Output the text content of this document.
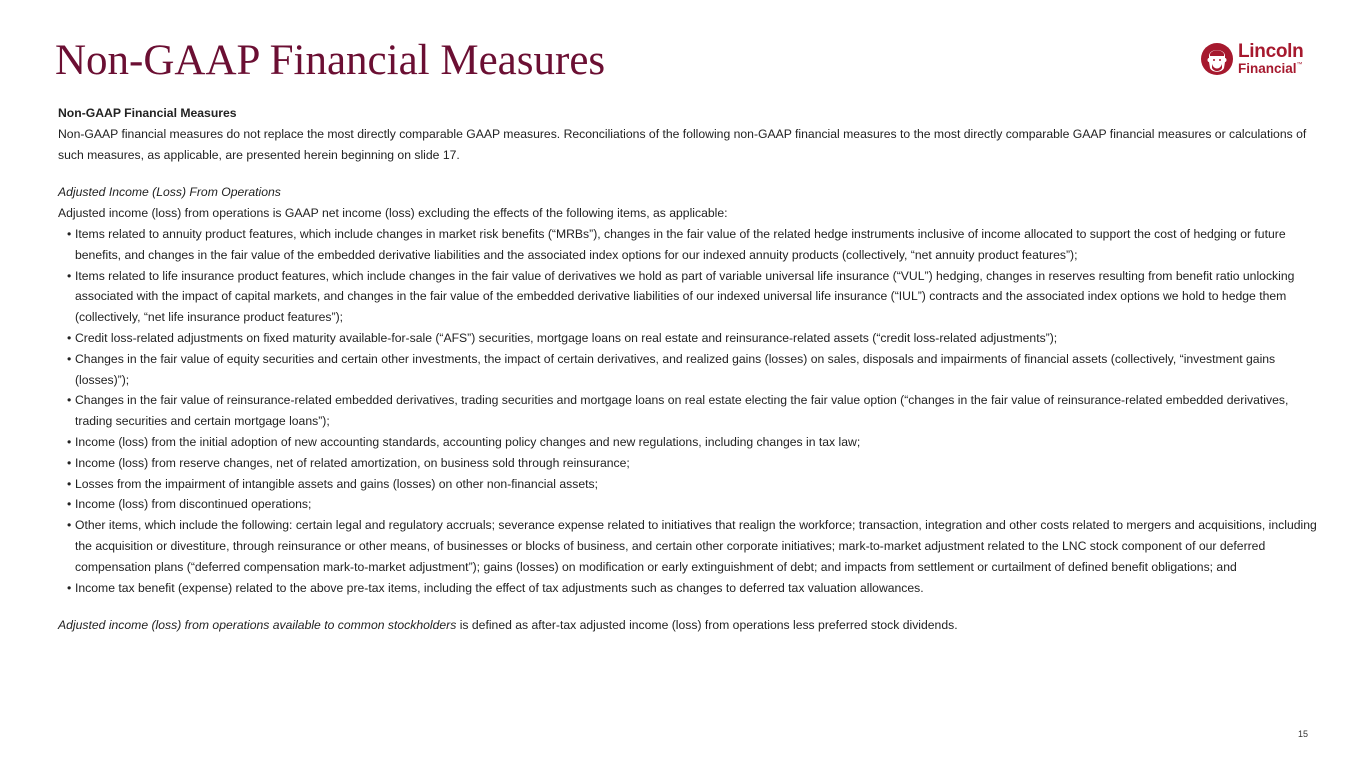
Non-GAAP Financial Measures	Lincoln
Financial™

Non-GAAP Financial Measures

Non-GAAP financial measures do not replace the most directly comparable GAAP measures. Reconciliations of the following non-GAAP financial measures to the most directly comparable GAAP financial measures or calculations of such measures, as applicable, are presented herein beginning on slide 17.

Adjusted Income (Loss) From Operations

Adjusted income (loss) from operations is GAAP net income (loss) excluding the effects of the following items, as applicable:

• Items related to annuity product features, which include changes in market risk benefits (“MRBs”), changes in the fair value of the related hedge instruments inclusive of income allocated to support the cost of hedging or future benefits, and changes in the fair value of the embedded derivative liabilities and the associated index options for our indexed annuity products (collectively, “net annuity product features”);
• Items related to life insurance product features, which include changes in the fair value of derivatives we hold as part of variable universal life insurance (“VUL”) hedging, changes in reserves resulting from benefit ratio unlocking associated with the impact of capital markets, and changes in the fair value of the embedded derivative liabilities of our indexed universal life insurance (“IUL”) contracts and the associated index options we hold to hedge them (collectively, “net life insurance product features”);
• Credit loss-related adjustments on fixed maturity available-for-sale (“AFS”) securities, mortgage loans on real estate and reinsurance-related assets (“credit loss-related adjustments”);
• Changes in the fair value of equity securities and certain other investments, the impact of certain derivatives, and realized gains (losses) on sales, disposals and impairments of financial assets (collectively, “investment gains (losses)”);
• Changes in the fair value of reinsurance-related embedded derivatives, trading securities and mortgage loans on real estate electing the fair value option (“changes in the fair value of reinsurance-related embedded derivatives, trading securities and certain mortgage loans”);
• Income (loss) from the initial adoption of new accounting standards, accounting policy changes and new regulations, including changes in tax law;
• Income (loss) from reserve changes, net of related amortization, on business sold through reinsurance;
• Losses from the impairment of intangible assets and gains (losses) on other non-financial assets;
• Income (loss) from discontinued operations;
• Other items, which include the following: certain legal and regulatory accruals; severance expense related to initiatives that realign the workforce; transaction, integration and other costs related to mergers and acquisitions, including the acquisition or divestiture, through reinsurance or other means, of businesses or blocks of business, and certain other corporate initiatives; mark-to-market adjustment related to the LNC stock component of our deferred compensation plans (“deferred compensation mark-to-market adjustment”); gains (losses) on modification or early extinguishment of debt; and impacts from settlement or curtailment of defined benefit obligations; and
• Income tax benefit (expense) related to the above pre-tax items, including the effect of tax adjustments such as changes to deferred tax valuation allowances.

Adjusted income (loss) from operations available to common stockholders is defined as after-tax adjusted income (loss) from operations less preferred stock dividends.

15
